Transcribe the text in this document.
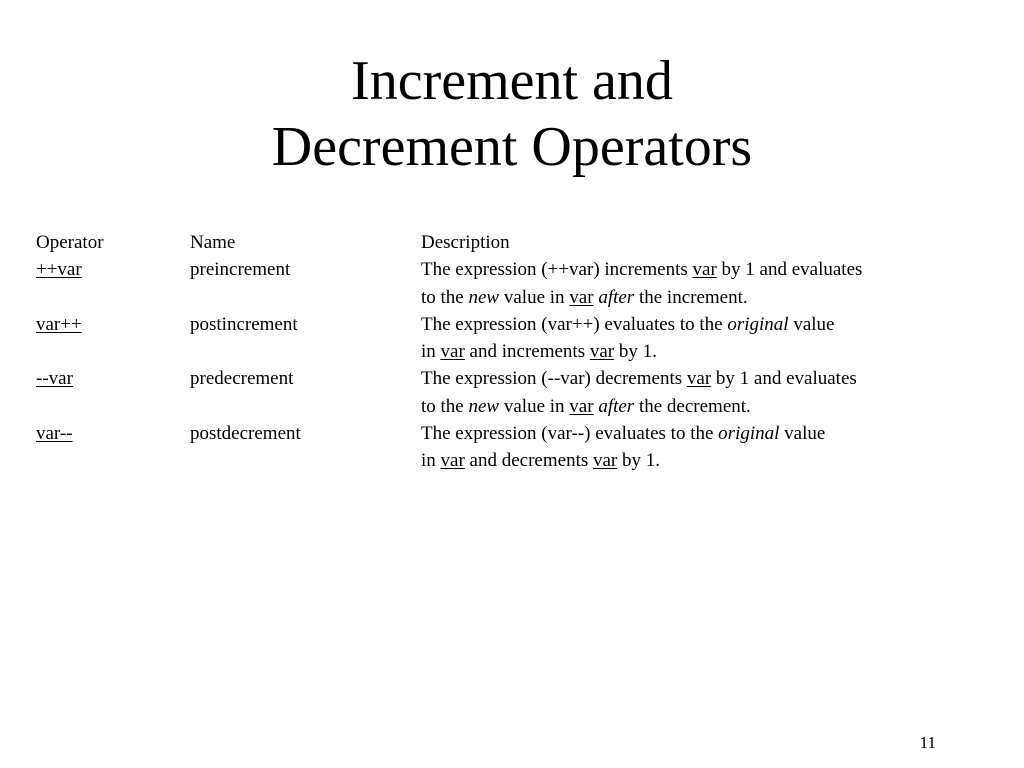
Increment and
Decrement Operators
Operator	Name	Description
++var	preincrement	The expression (++var) increments var by 1 and evaluates
to the new value in var after the increment.
var++	postincrement	The expression (var++) evaluates to the original value
in var and increments var by 1.
--var	predecrement	The expression (--var) decrements var by 1 and evaluates
to the new value in var after the decrement.
var--	postdecrement	The expression (var--) evaluates to the original value
in var and decrements var by 1.
11
